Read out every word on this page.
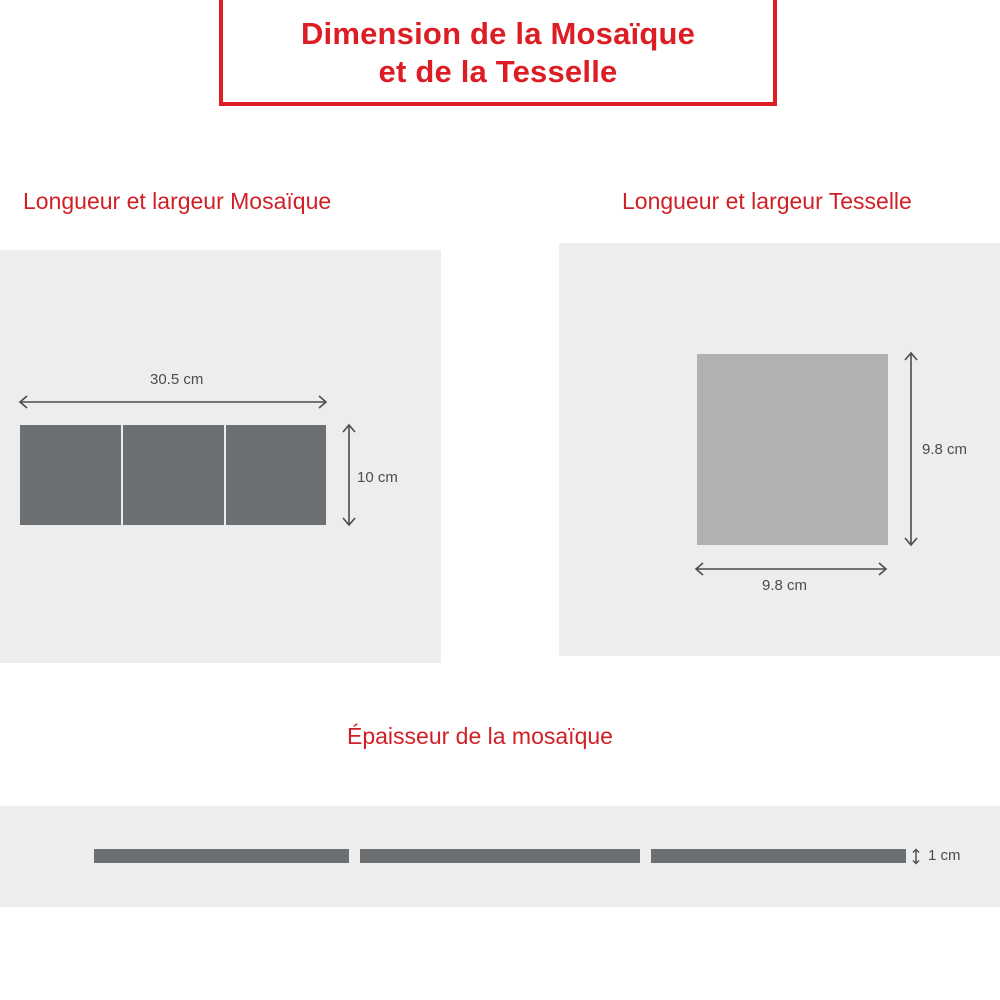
Dimension de la Mosaïque
et de la Tesselle
Longueur et largeur Mosaïque
30.5 cm
10 cm
Longueur et largeur Tesselle
9.8 cm
9.8 cm
Épaisseur de la mosaïque
1 cm
